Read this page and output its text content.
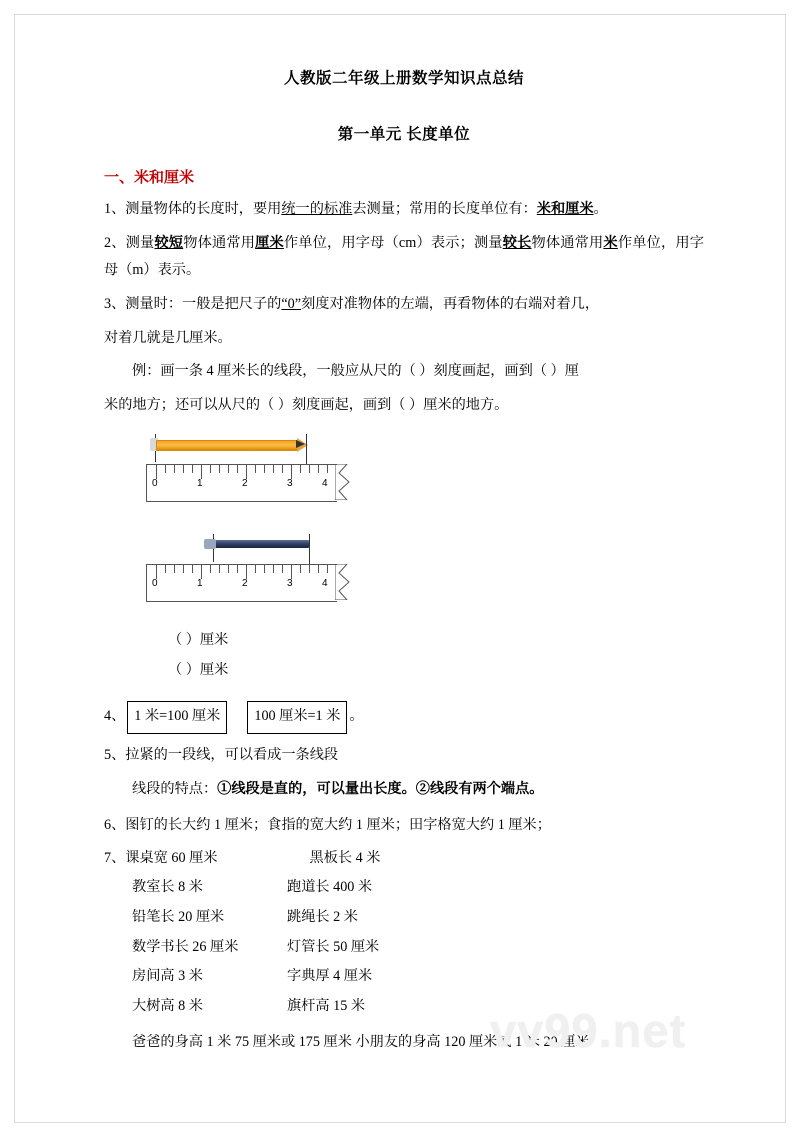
人教版二年级上册数学知识点总结
第一单元 长度单位
一、米和厘米

1、测量物体的长度时，要用统一的标准去测量；常用的长度单位有：米和厘米。

2、测量较短物体通常用厘米作单位，用字母（cm）表示；测量较长物体通常用米作单位，用字母（m）表示。

3、测量时：一般是把尺子的“0”刻度对准物体的左端，再看物体的右端对着几，

对着几就是几厘米。

例：画一条 4 厘米长的线段，一般应从尺的（ ）刻度画起，画到（ ）厘

米的地方；还可以从尺的（ ）刻度画起，画到（ ）厘米的地方。

0	1	2	3	4
0	1	2	3	4
（ ）厘米
（ ）厘米

4、 1 米=100 厘米 100 厘米=1 米 。

5、拉紧的一段线，可以看成一条线段

线段的特点：①线段是直的，可以量出长度。②线段有两个端点。

6、图钉的长大约 1 厘米；食指的宽大约 1 厘米；田字格宽大约 1 厘米；

7、课桌宽 60 厘米	黑板长 4 米

教室长 8 米	跑道长 400 米
铅笔长 20 厘米	跳绳长 2 米
数学书长 26 厘米	灯管长 50 厘米
房间高 3 米	字典厚 4 厘米
大树高 8 米	旗杆高 15 米
爸爸的身高 1 米 75 厘米或 175 厘米 小朋友的身高 120 厘米或 1 米 20 厘米
vv99.net
